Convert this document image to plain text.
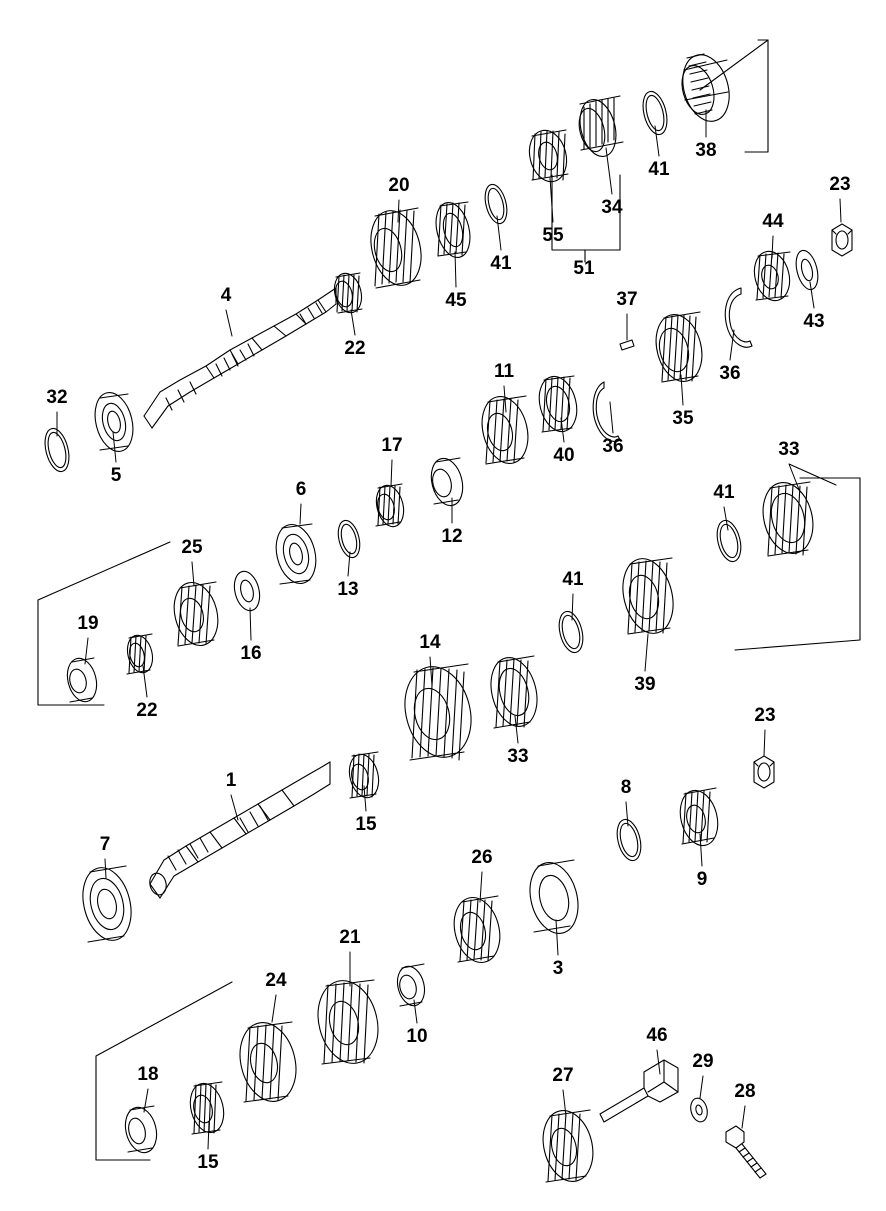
32
4
5
22
20
45
41
55
34
41
38
51
37
36
35
36
44
43
23
11
40
17
12
6
13
25
16
19
22
41
39
41
33
14
33
1
15
7
26
3
8
9
23
21
10
24
18
15
27
46
29
28
